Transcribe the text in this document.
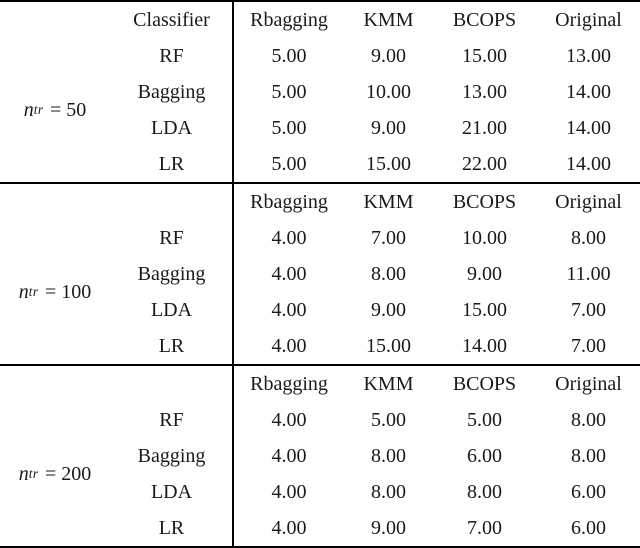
Classifier	Rbagging	KMM	BCOPS	Original
RF	5.00	9.00	15.00	13.00
Bagging	5.00	10.00	13.00	14.00
LDA	5.00	9.00	21.00	14.00
LR	5.00	15.00	22.00	14.00
n tr = 50
Rbagging	KMM	BCOPS	Original
RF	4.00	7.00	10.00	8.00
Bagging	4.00	8.00	9.00	11.00
LDA	4.00	9.00	15.00	7.00
LR	4.00	15.00	14.00	7.00
n tr = 100
Rbagging	KMM	BCOPS	Original
RF	4.00	5.00	5.00	8.00
Bagging	4.00	8.00	6.00	8.00
LDA	4.00	8.00	8.00	6.00
LR	4.00	9.00	7.00	6.00
n tr = 200
